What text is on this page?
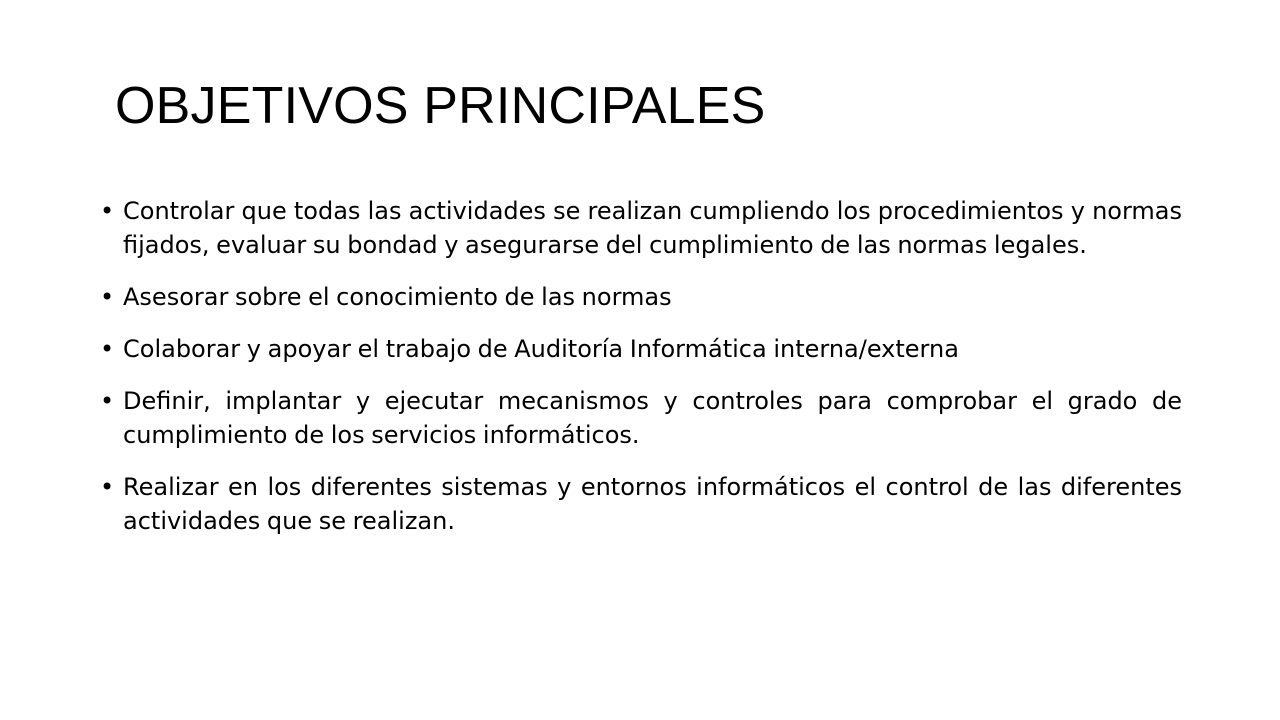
OBJETIVOS PRINCIPALES
• Controlar que todas las actividades se realizan cumpliendo los procedimientos y normas fijados, evaluar su bondad y asegurarse del cumplimiento de las normas legales.
• Asesorar sobre el conocimiento de las normas
• Colaborar y apoyar el trabajo de Auditoría Informática interna/externa
• Definir, implantar y ejecutar mecanismos y controles para comprobar el grado de cumplimiento de los servicios informáticos.
• Realizar en los diferentes sistemas y entornos informáticos el control de las diferentes actividades que se realizan.
